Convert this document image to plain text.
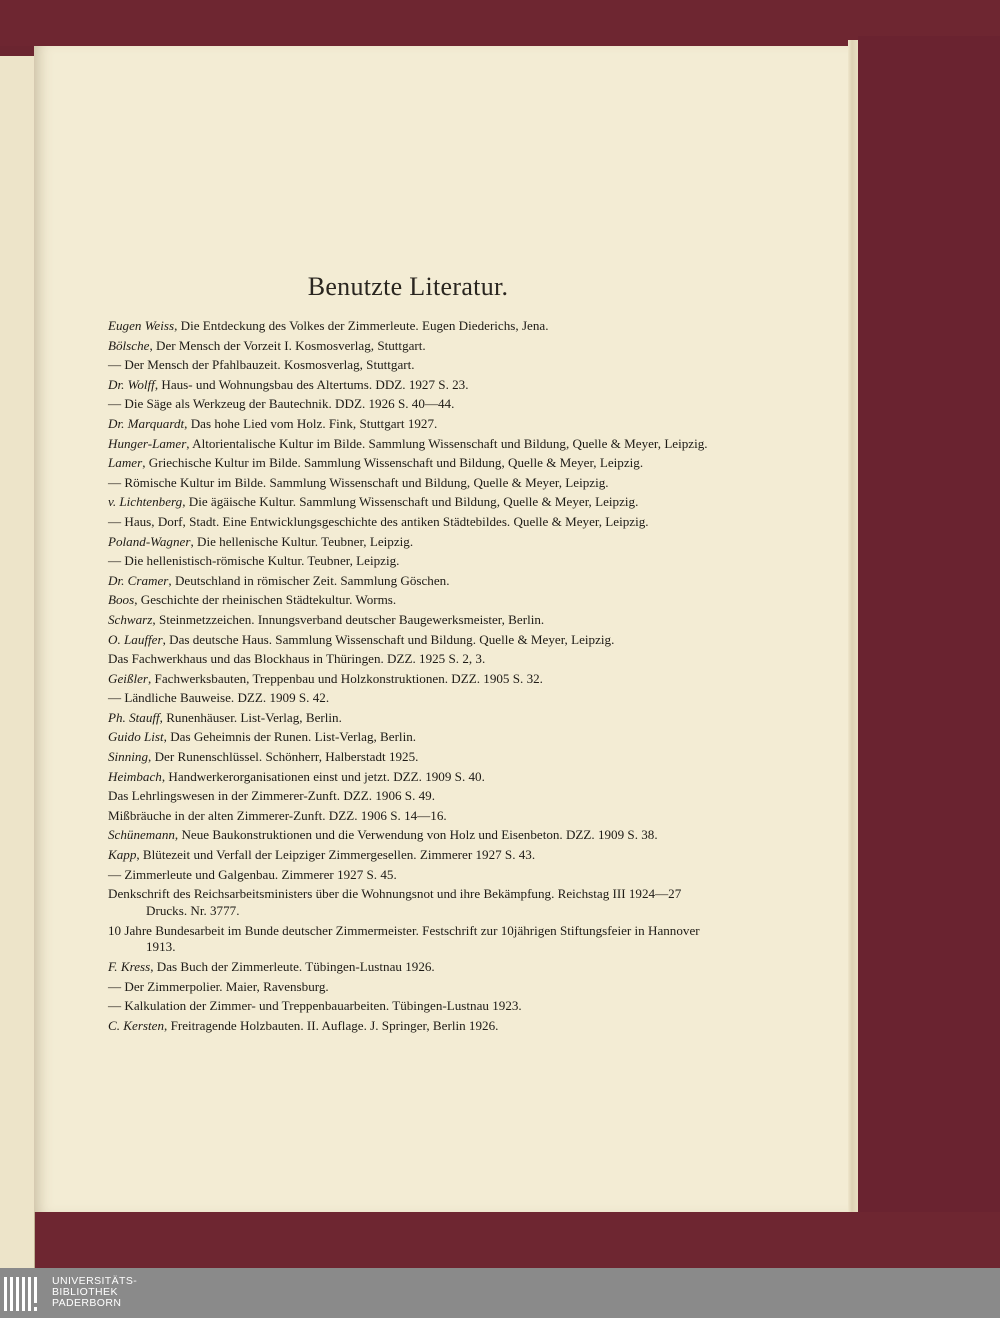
Benutzte Literatur.
Eugen Weiss, Die Entdeckung des Volkes der Zimmerleute. Eugen Diederichs, Jena.
Bölsche, Der Mensch der Vorzeit I. Kosmosverlag, Stuttgart.
— Der Mensch der Pfahlbauzeit. Kosmosverlag, Stuttgart.
Dr. Wolff, Haus- und Wohnungsbau des Altertums. DDZ. 1927 S. 23.
— Die Säge als Werkzeug der Bautechnik. DDZ. 1926 S. 40—44.
Dr. Marquardt, Das hohe Lied vom Holz. Fink, Stuttgart 1927.
Hunger-Lamer, Altorientalische Kultur im Bilde. Sammlung Wissenschaft und Bildung, Quelle & Meyer, Leipzig.
Lamer, Griechische Kultur im Bilde. Sammlung Wissenschaft und Bildung, Quelle & Meyer, Leipzig.
— Römische Kultur im Bilde. Sammlung Wissenschaft und Bildung, Quelle & Meyer, Leipzig.
v. Lichtenberg, Die ägäische Kultur. Sammlung Wissenschaft und Bildung, Quelle & Meyer, Leipzig.
— Haus, Dorf, Stadt. Eine Entwicklungsgeschichte des antiken Städtebildes. Quelle & Meyer, Leipzig.
Poland-Wagner, Die hellenische Kultur. Teubner, Leipzig.
— Die hellenistisch-römische Kultur. Teubner, Leipzig.
Dr. Cramer, Deutschland in römischer Zeit. Sammlung Göschen.
Boos, Geschichte der rheinischen Städtekultur. Worms.
Schwarz, Steinmetzzeichen. Innungsverband deutscher Baugewerksmeister, Berlin.
O. Lauffer, Das deutsche Haus. Sammlung Wissenschaft und Bildung. Quelle & Meyer, Leipzig.
Das Fachwerkhaus und das Blockhaus in Thüringen. DZZ. 1925 S. 2, 3.
Geißler, Fachwerksbauten, Treppenbau und Holzkonstruktionen. DZZ. 1905 S. 32.
— Ländliche Bauweise. DZZ. 1909 S. 42.
Ph. Stauff, Runenhäuser. List-Verlag, Berlin.
Guido List, Das Geheimnis der Runen. List-Verlag, Berlin.
Sinning, Der Runenschlüssel. Schönherr, Halberstadt 1925.
Heimbach, Handwerkerorganisationen einst und jetzt. DZZ. 1909 S. 40.
Das Lehrlingswesen in der Zimmerer-Zunft. DZZ. 1906 S. 49.
Mißbräuche in der alten Zimmerer-Zunft. DZZ. 1906 S. 14—16.
Schünemann, Neue Baukonstruktionen und die Verwendung von Holz und Eisenbeton. DZZ. 1909 S. 38.
Kapp, Blütezeit und Verfall der Leipziger Zimmergesellen. Zimmerer 1927 S. 43.
— Zimmerleute und Galgenbau. Zimmerer 1927 S. 45.
Denkschrift des Reichsarbeitsministers über die Wohnungsnot und ihre Bekämpfung. Reichstag III 1924—27 Drucks. Nr. 3777.
10 Jahre Bundesarbeit im Bunde deutscher Zimmermeister. Festschrift zur 10jährigen Stiftungsfeier in Hannover 1913.
F. Kress, Das Buch der Zimmerleute. Tübingen-Lustnau 1926.
— Der Zimmerpolier. Maier, Ravensburg.
— Kalkulation der Zimmer- und Treppenbauarbeiten. Tübingen-Lustnau 1923.
C. Kersten, Freitragende Holzbauten. II. Auflage. J. Springer, Berlin 1926.
UNIVERSITÄTS-
BIBLIOTHEK
PADERBORN
